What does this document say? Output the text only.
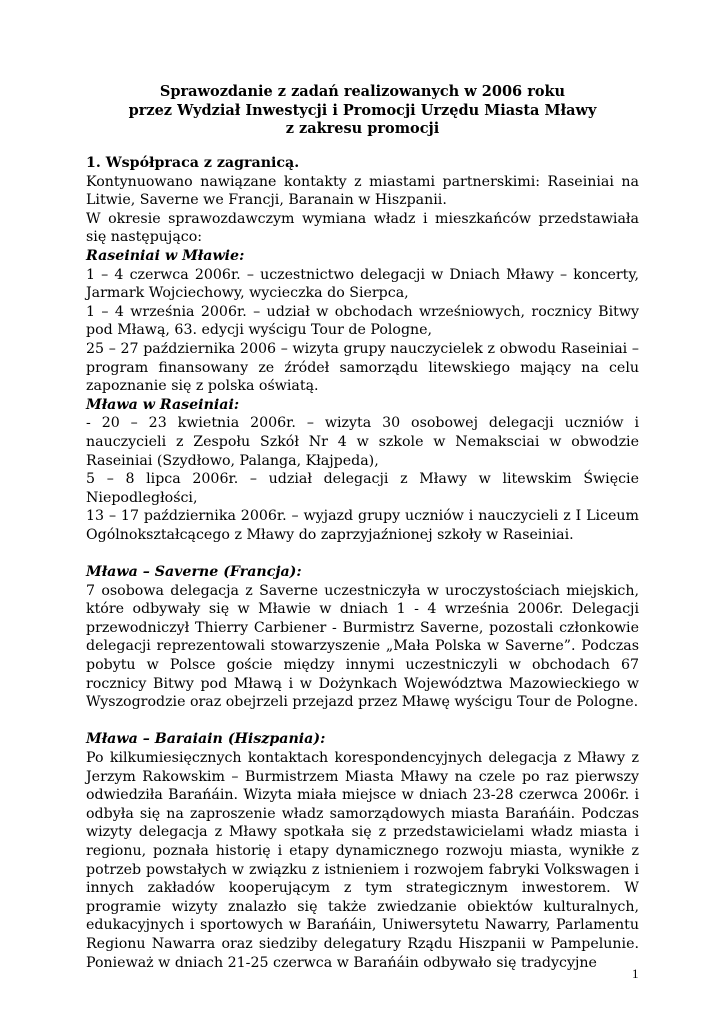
Sprawozdanie z zadań realizowanych w 2006 roku
przez Wydział Inwestycji i Promocji Urzędu Miasta Mławy
z zakresu promocji

1. Współpraca z zagranicą.

Kontynuowano nawiązane kontakty z miastami partnerskimi: Raseiniai na Litwie, Saverne we Francji, Baranain w Hiszpanii.

W okresie sprawozdawczym wymiana władz i mieszkańców przedstawiała się następująco:

Raseiniai w Mławie:

1 – 4 czerwca 2006r. – uczestnictwo delegacji w Dniach Mławy – koncerty, Jarmark Wojciechowy, wycieczka do Sierpca,

1 – 4 września 2006r. – udział w obchodach wrześniowych, rocznicy Bitwy pod Mławą, 63. edycji wyścigu Tour de Pologne,

25 – 27 października 2006 – wizyta grupy nauczycielek z obwodu Raseiniai – program finansowany ze źródeł samorządu litewskiego mający na celu zapoznanie się z polska oświatą.

Mława w Raseiniai:

- 20 – 23 kwietnia 2006r. – wizyta 30 osobowej delegacji uczniów i nauczycieli z Zespołu Szkół Nr 4 w szkole w Nemaksciai w obwodzie Raseiniai (Szydłowo, Palanga, Kłajpeda),

5 – 8 lipca 2006r. – udział delegacji z Mławy w litewskim Święcie Niepodległości,

13 – 17 października 2006r. – wyjazd grupy uczniów i nauczycieli z I Liceum Ogólnokształcącego z Mławy do zaprzyjaźnionej szkoły w Raseiniai.

Mława – Saverne (Francja):

7 osobowa delegacja z Saverne uczestniczyła w uroczystościach miejskich, które odbywały się w Mławie w dniach 1 - 4 września 2006r. Delegacji przewodniczył Thierry Carbiener - Burmistrz Saverne, pozostali członkowie delegacji reprezentowali stowarzyszenie „Mała Polska w Saverne”. Podczas pobytu w Polsce goście między innymi uczestniczyli w obchodach 67 rocznicy Bitwy pod Mławą i w Dożynkach Województwa Mazowieckiego w Wyszogrodzie oraz obejrzeli przejazd przez Mławę wyścigu Tour de Pologne.

Mława – Baraiain (Hiszpania):

Po kilkumiesięcznych kontaktach korespondencyjnych delegacja z Mławy z Jerzym Rakowskim – Burmistrzem Miasta Mławy na czele po raz pierwszy odwiedziła Barańáin. Wizyta miała miejsce w dniach 23-28 czerwca 2006r. i odbyła się na zaproszenie władz samorządowych miasta Barańáin. Podczas wizyty delegacja z Mławy spotkała się z przedstawicielami władz miasta i regionu, poznała historię i etapy dynamicznego rozwoju miasta, wynikłe z potrzeb powstałych w związku z istnieniem i rozwojem fabryki Volkswagen i innych zakładów kooperującym z tym strategicznym inwestorem. W programie wizyty znalazło się także zwiedzanie obiektów kulturalnych, edukacyjnych i sportowych w Barańáin, Uniwersytetu Nawarry, Parlamentu Regionu Nawarra oraz siedziby delegatury Rządu Hiszpanii w Pampelunie. Ponieważ w dniach 21-25 czerwca w Barańáin odbywało się tradycyjne

1
